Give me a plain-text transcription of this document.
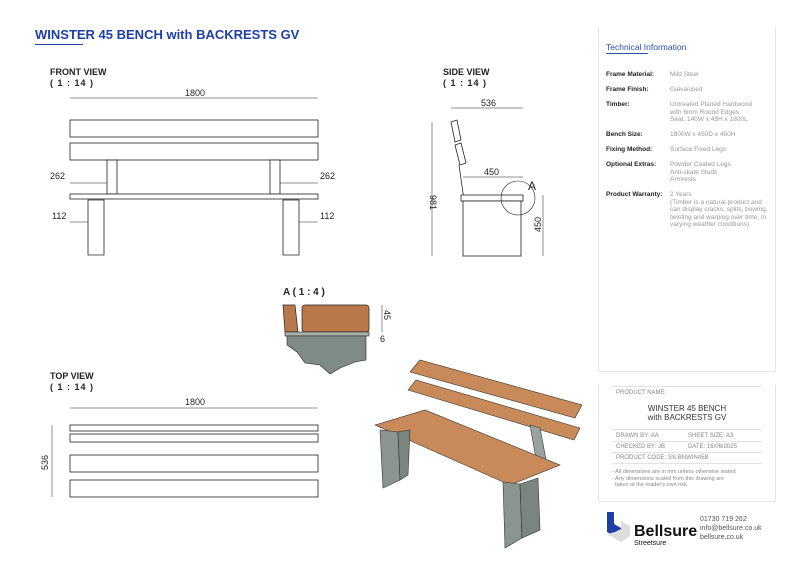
WINSTER 45 BENCH with BACKRESTS GV
FRONT VIEW
( 1 : 14 )
SIDE VIEW
( 1 : 14 )
A ( 1 : 4 )
TOP VIEW
( 1 : 14 )
1800
262	262
112	112
536
450
981
450
A
45
6
1800
536
Bellsure
Streetsure
Technical Information
Frame Material: Mild Steel
Frame Finish:	Galvanised
Timber:	Untreated Planed Hardwood
with 6mm Round Edges
Seat: 140W x 45H x 1800L
Bench Size:	1800W x 450D x 450H
Fixing Method:	Surface Fixed Legs
Optional Extras: Powder Coated Legs
Anti-skate Studs
Armrests
Product Warranty: 2 Years
(Timber is a natural product and can display cracks, splits, bowing, twisting and warping over time, in varying weather conditions)
PRODUCT NAME:
WINSTER 45 BENCH
with BACKRESTS GV
DRAWN BY: AA	SHEET SIZE: A3
CHECKED BY: JB	DATE: 16/06/2025
PRODUCT CODE: SS-BNWIN45B
- All dimensions are in mm unless otherwise stated
- Any dimensions scaled from this drawing are
taken at the reader's own risk
01730 719 262
info@bellsure.co.uk
bellsure.co.uk
